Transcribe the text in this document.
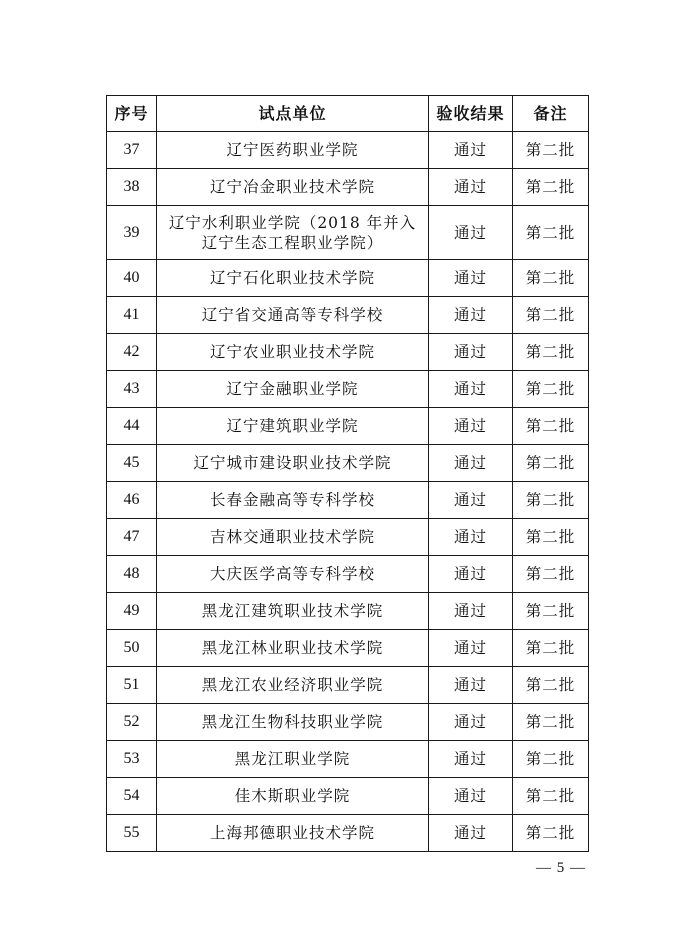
序号	试点单位	验收结果	备注
37	辽宁医药职业学院	通过	第二批
38	辽宁冶金职业技术学院	通过	第二批
39	辽宁水利职业学院（2018 年并入
辽宁生态工程职业学院）	通过	第二批
40	辽宁石化职业技术学院	通过	第二批
41	辽宁省交通高等专科学校	通过	第二批
42	辽宁农业职业技术学院	通过	第二批
43	辽宁金融职业学院	通过	第二批
44	辽宁建筑职业学院	通过	第二批
45	辽宁城市建设职业技术学院	通过	第二批
46	长春金融高等专科学校	通过	第二批
47	吉林交通职业技术学院	通过	第二批
48	大庆医学高等专科学校	通过	第二批
49	黑龙江建筑职业技术学院	通过	第二批
50	黑龙江林业职业技术学院	通过	第二批
51	黑龙江农业经济职业学院	通过	第二批
52	黑龙江生物科技职业学院	通过	第二批
53	黑龙江职业学院	通过	第二批
54	佳木斯职业学院	通过	第二批
55	上海邦德职业技术学院	通过	第二批
— 5 —
